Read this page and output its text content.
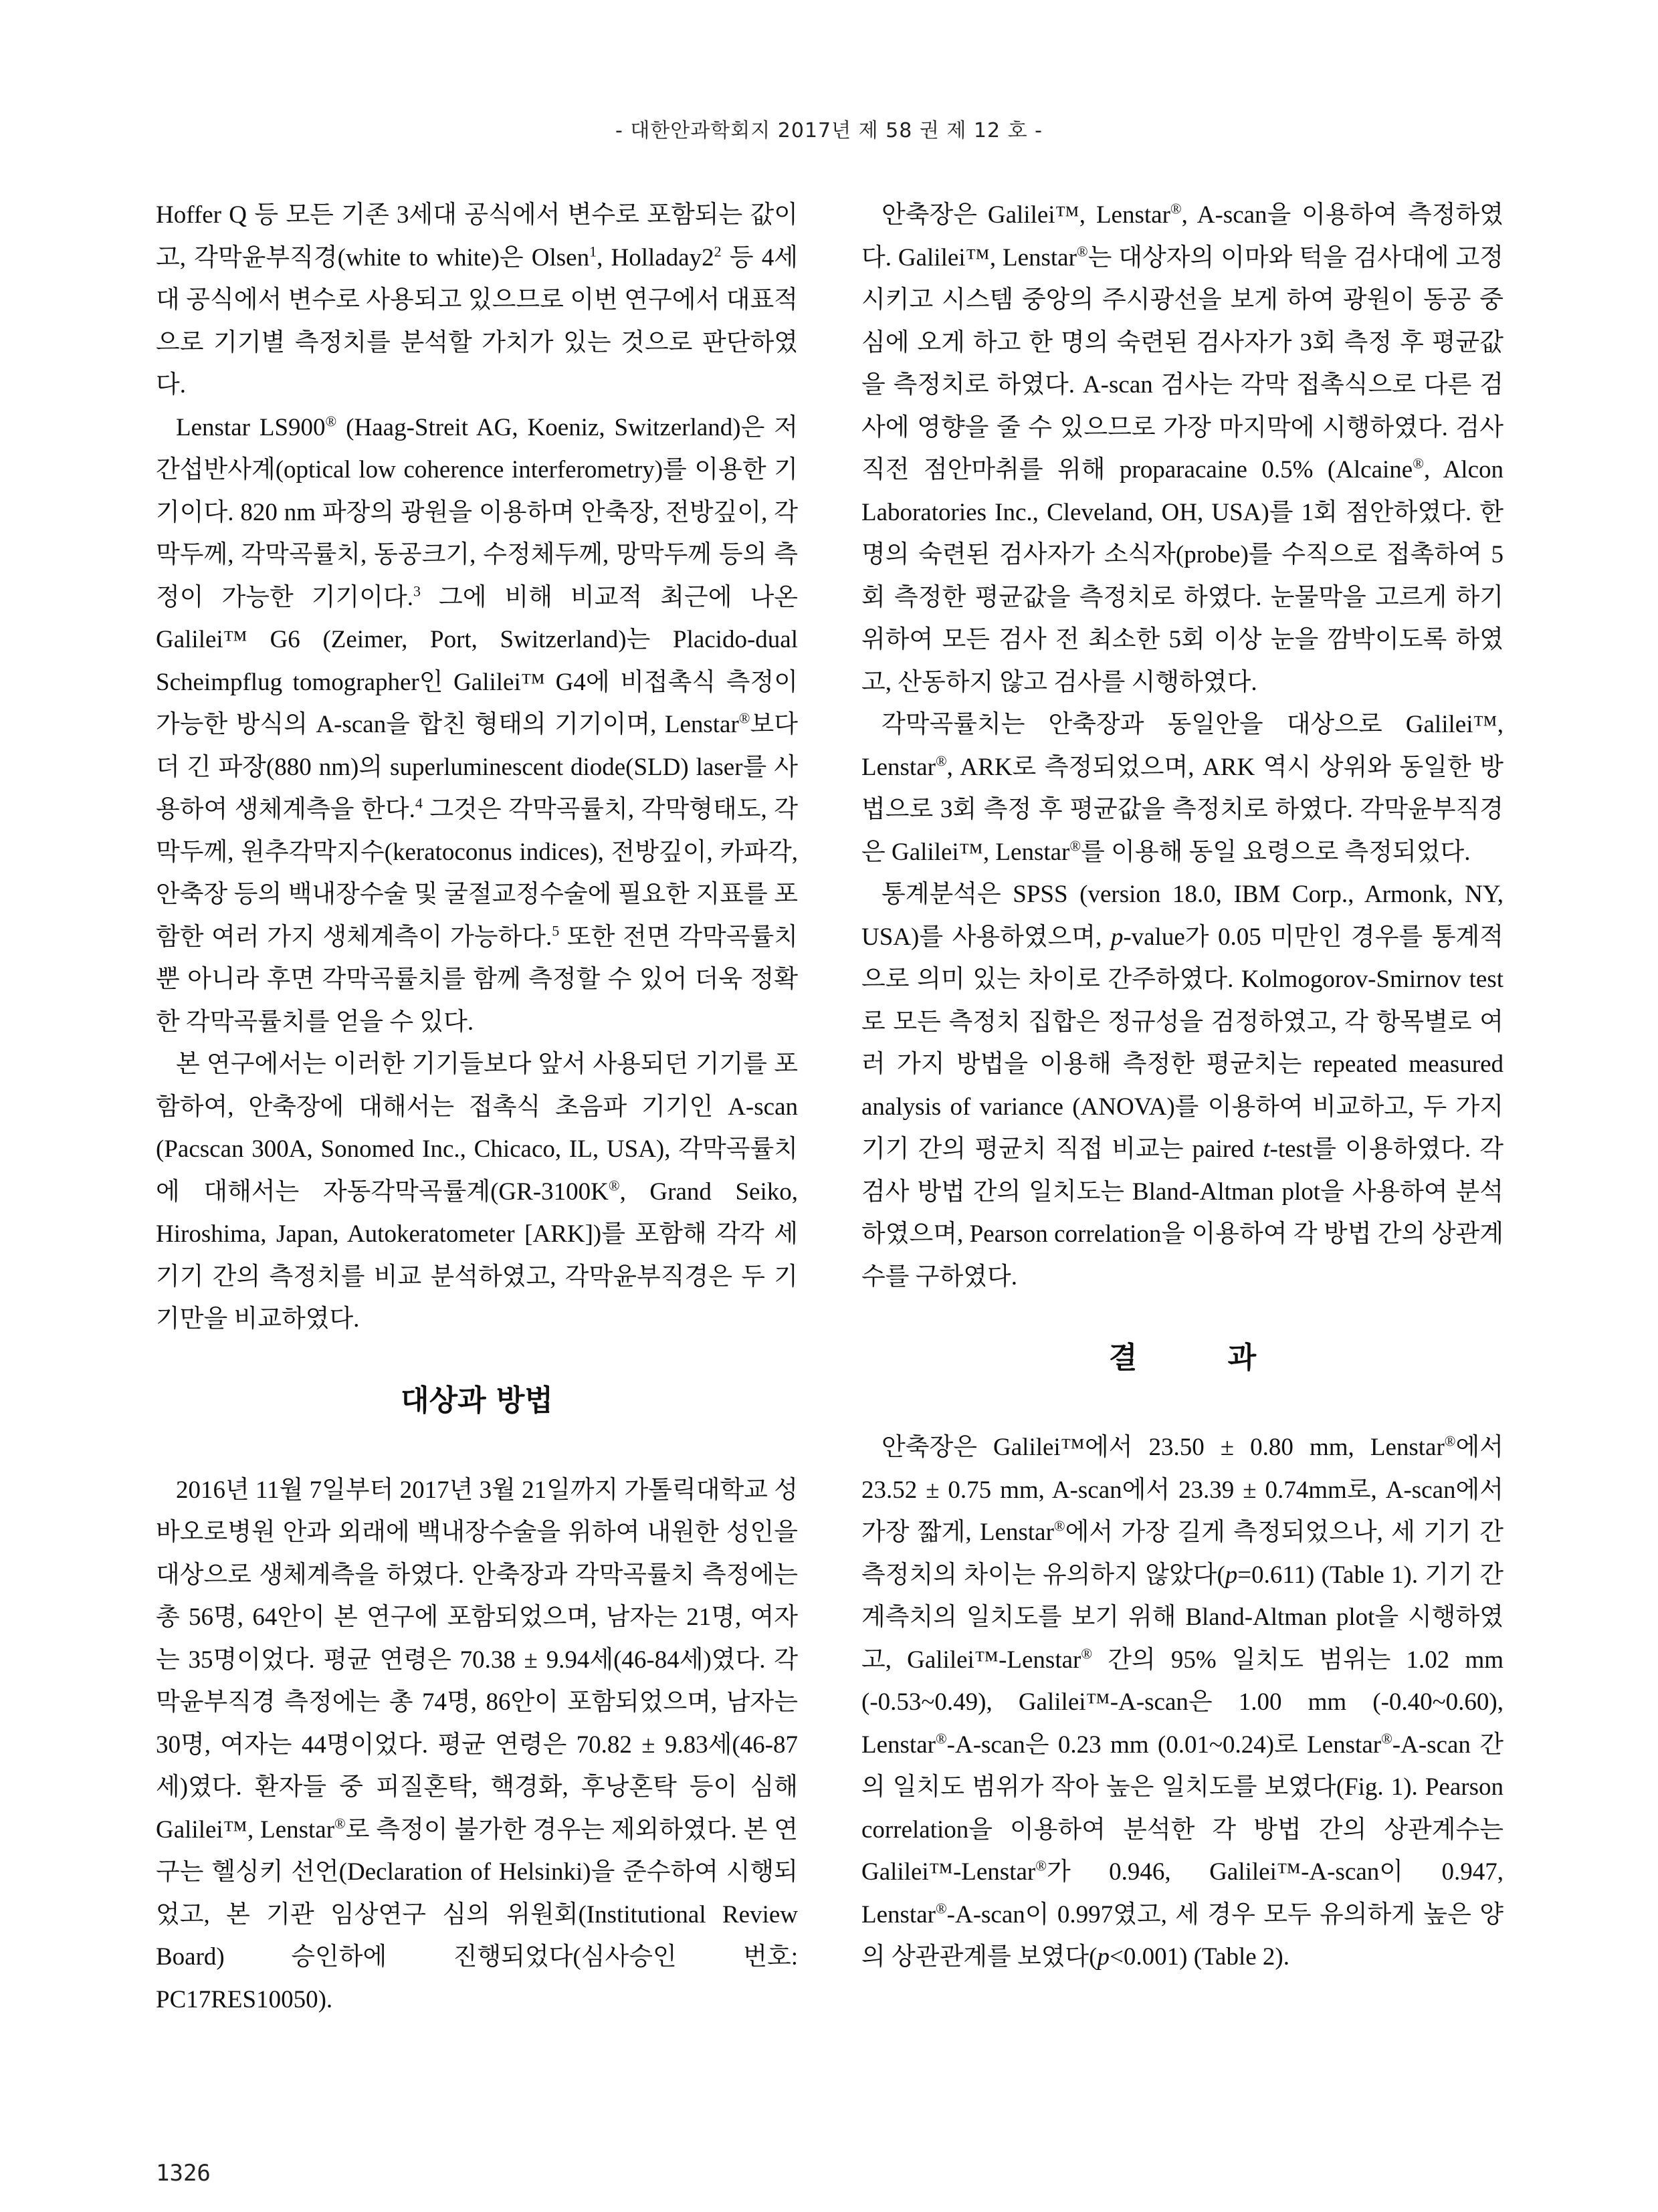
- 대한안과학회지 2017년 제 58 권 제 12 호 -

Hoffer Q 등 모든 기존 3세대 공식에서 변수로 포함되는 값이고, 각막윤부직경(white to white)은 Olsen$^1$, $Holladay2^2$ 등 4세대 공식에서 변수로 사용되고 있으므로 이번 연구에서 대표적으로 기기별 측정치를 분석할 가치가 있는 것으로 판단하였다.

Lenstar LS900® (Haag-Streit AG, Koeniz, Switzerland)은 저간섭반사계(optical low coherence interferometry)를 이용한 기기이다. 820 nm 파장의 광원을 이용하며 안축장, 전방깊이, 각막두께, 각막곡률치, 동공크기, 수정체두께, 망막두께 등의 측정이 가능한 기기이다.$^3$ 그에 비해 비교적 최근에 나온 Galilei™ G6 (Zeimer, Port, Switzerland)는 Placido-dual Scheimpflug tomographer인 Galilei™ G4에 비접촉식 측정이 가능한 방식의 A-scan을 합친 형태의 기기이며, Lenstar®보다 더 긴 파장(880 nm)의 superluminescent diode(SLD) laser를 사용하여 생체계측을 한다.$^4$ 그것은 각막곡률치, 각막형태도, 각막두께, 원추각막지수(keratoconus indices), 전방깊이, 카파각, 안축장 등의 백내장수술 및 굴절교정수술에 필요한 지표를 포함한 여러 가지 생체계측이 가능하다.$^5$ 또한 전면 각막곡률치뿐 아니라 후면 각막곡률치를 함께 측정할 수 있어 더욱 정확한 각막곡률치를 얻을 수 있다.

본 연구에서는 이러한 기기들보다 앞서 사용되던 기기를 포함하여, 안축장에 대해서는 접촉식 초음파 기기인 A-scan (Pacscan 300A, Sonomed Inc., Chicaco, IL, USA), 각막곡률치에 대해서는 자동각막곡률계(GR-3100K®, Grand Seiko, Hiroshima, Japan, Autokeratometer [ARK])를 포함해 각각 세 기기 간의 측정치를 비교 분석하였고, 각막윤부직경은 두 기기만을 비교하였다.

대상과 방법

2016년 11월 7일부터 2017년 3월 21일까지 가톨릭대학교 성바오로병원 안과 외래에 백내장수술을 위하여 내원한 성인을 대상으로 생체계측을 하였다. 안축장과 각막곡률치 측정에는 총 56명, 64안이 본 연구에 포함되었으며, 남자는 21명, 여자는 35명이었다. 평균 연령은 70.38 ± 9.94세(46-84세)였다. 각막윤부직경 측정에는 총 74명, 86안이 포함되었으며, 남자는 30명, 여자는 44명이었다. 평균 연령은 70.82 ± 9.83세(46-87세)였다. 환자들 중 피질혼탁, 핵경화, 후낭혼탁 등이 심해 Galilei™, Lenstar®로 측정이 불가한 경우는 제외하였다. 본 연구는 헬싱키 선언(Declaration of Helsinki)을 준수하여 시행되었고, 본 기관 임상연구 심의 위원회(Institutional Review Board) 승인하에 진행되었다(심사승인 번호: PC17RES10050).

안축장은 Galilei™, Lenstar®, A-scan을 이용하여 측정하였다. Galilei™, Lenstar®는 대상자의 이마와 턱을 검사대에 고정시키고 시스템 중앙의 주시광선을 보게 하여 광원이 동공 중심에 오게 하고 한 명의 숙련된 검사자가 3회 측정 후 평균값을 측정치로 하였다. A-scan 검사는 각막 접촉식으로 다른 검사에 영향을 줄 수 있으므로 가장 마지막에 시행하였다. 검사 직전 점안마취를 위해 proparacaine 0.5% (Alcaine®, Alcon Laboratories Inc., Cleveland, OH, USA)를 1회 점안하였다. 한 명의 숙련된 검사자가 소식자(probe)를 수직으로 접촉하여 5회 측정한 평균값을 측정치로 하였다. 눈물막을 고르게 하기 위하여 모든 검사 전 최소한 5회 이상 눈을 깜박이도록 하였고, 산동하지 않고 검사를 시행하였다.

각막곡률치는 안축장과 동일안을 대상으로 Galilei™, Lenstar®, ARK로 측정되었으며, ARK 역시 상위와 동일한 방법으로 3회 측정 후 평균값을 측정치로 하였다. 각막윤부직경은 Galilei™, Lenstar®를 이용해 동일 요령으로 측정되었다.

통계분석은 SPSS (version 18.0, IBM Corp., Armonk, NY, USA)를 사용하였으며, p-value가 0.05 미만인 경우를 통계적으로 의미 있는 차이로 간주하였다. Kolmogorov-Smirnov test로 모든 측정치 집합은 정규성을 검정하였고, 각 항목별로 여러 가지 방법을 이용해 측정한 평균치는 repeated measured analysis of variance (ANOVA)를 이용하여 비교하고, 두 가지 기기 간의 평균치 직접 비교는 paired t-test를 이용하였다. 각 검사 방법 간의 일치도는 Bland-Altman plot을 사용하여 분석하였으며, Pearson correlation을 이용하여 각 방법 간의 상관계수를 구하였다.

결 과

안축장은 Galilei™에서 23.50 ± 0.80 mm, Lenstar®에서 23.52 ± 0.75 mm, A-scan에서 23.39 ± 0.74mm로, A-scan에서 가장 짧게, Lenstar®에서 가장 길게 측정되었으나, 세 기기 간 측정치의 차이는 유의하지 않았다(p=0.611) (Table 1). 기기 간 계측치의 일치도를 보기 위해 Bland-Altman plot을 시행하였고, Galilei™-Lenstar® 간의 95% 일치도 범위는 1.02 mm (-0.53~0.49), Galilei™-A-scan은 1.00 mm (-0.40~0.60), Lenstar®-A-scan은 0.23 mm (0.01~0.24)로 Lenstar®-A-scan 간의 일치도 범위가 작아 높은 일치도를 보였다(Fig. 1). Pearson correlation을 이용하여 분석한 각 방법 간의 상관계수는 Galilei™-Lenstar®가 0.946, Galilei™-A-scan이 0.947, Lenstar®-A-scan이 0.997였고, 세 경우 모두 유의하게 높은 양의 상관관계를 보였다(p<0.001) (Table 2).

1326
